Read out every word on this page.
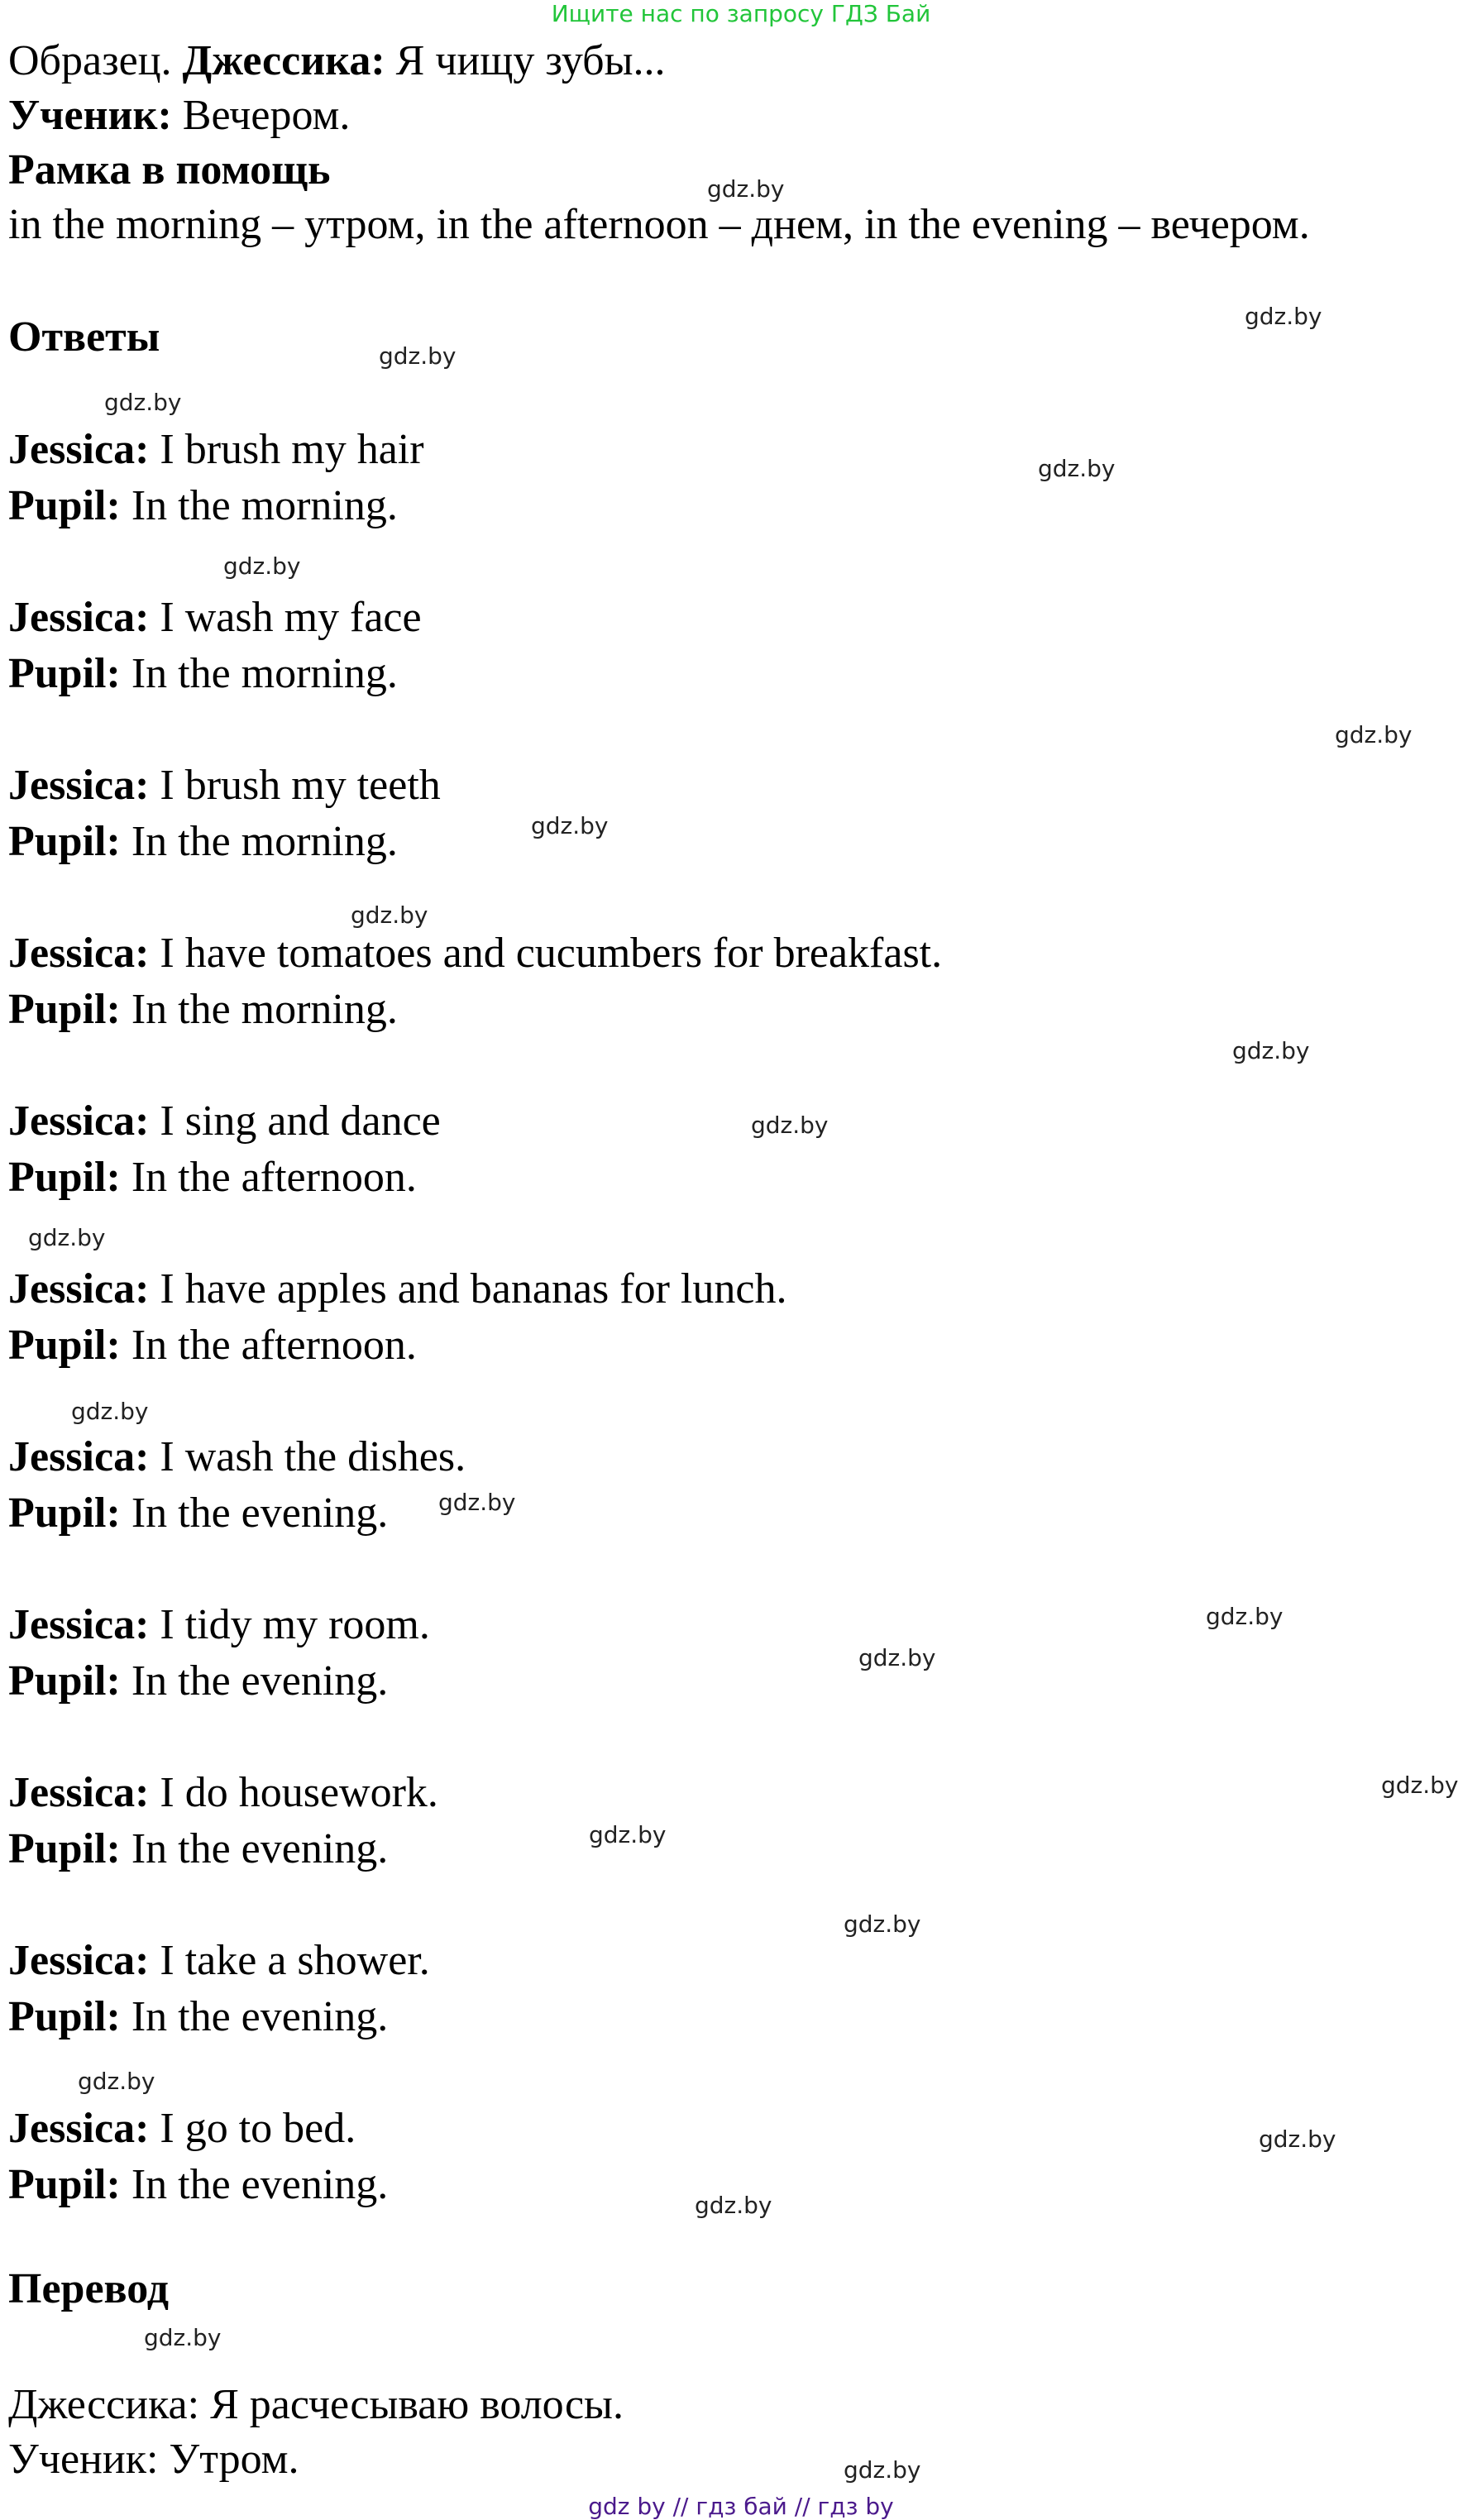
Ищите нас по запросу ГДЗ Бай
Образец. Джессика: Я чищу зубы...
Ученик: Вечером.
Рамка в помощь
in the morning – утром, in the afternoon – днем, in the evening – вечером.
Ответы
Jessica: I brush my hair
Pupil: In the morning.
Jessica: I wash my face
Pupil: In the morning.
Jessica: I brush my teeth
Pupil: In the morning.
Jessica: I have tomatoes and cucumbers for breakfast.
Pupil: In the morning.
Jessica: I sing and dance
Pupil: In the afternoon.
Jessica: I have apples and bananas for lunch.
Pupil: In the afternoon.
Jessica: I wash the dishes.
Pupil: In the evening.
Jessica: I tidy my room.
Pupil: In the evening.
Jessica: I do housework.
Pupil: In the evening.
Jessica: I take a shower.
Pupil: In the evening.
Jessica: I go to bed.
Pupil: In the evening.
Перевод
Джессика: Я расчесываю волосы.
Ученик: Утром.
gdz.by
gdz.by
gdz.by
gdz.by
gdz.by
gdz.by
gdz.by
gdz.by
gdz.by
gdz.by
gdz.by
gdz.by
gdz.by
gdz.by
gdz.by
gdz.by
gdz.by
gdz.by
gdz.by
gdz.by
gdz.by
gdz.by
gdz.by
gdz.by
gdz by // гдз бай // гдз by
